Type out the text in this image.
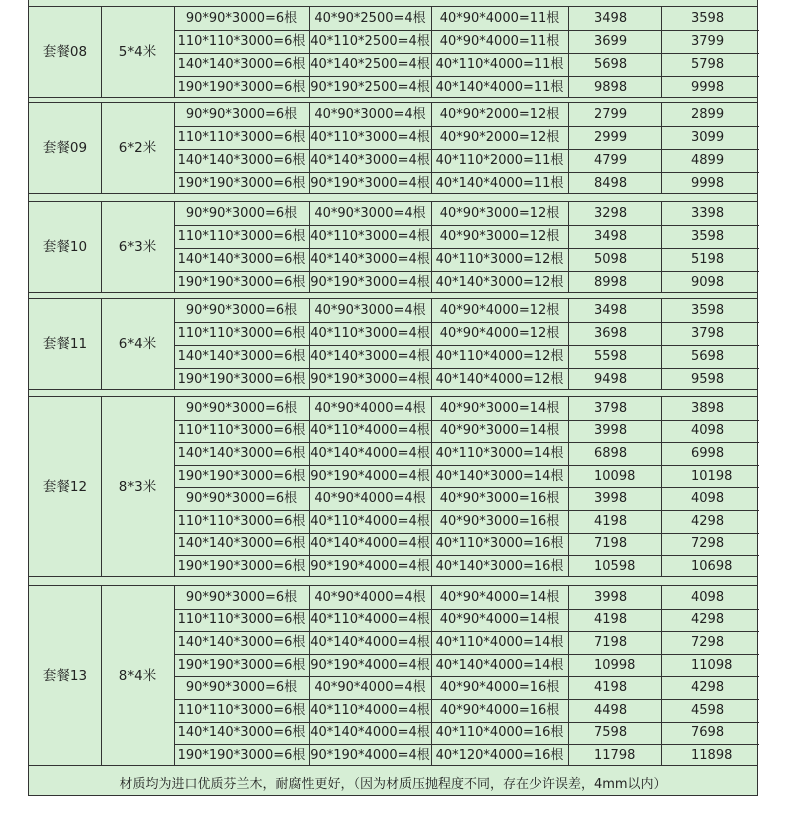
套餐08	5*4米
90*90*3000=6根	40*90*2500=4根	40*90*4000=11根	3498	3598
110*110*3000=6根 40*110*2500=4根 40*90*4000=11根	3699	3799
140*140*3000=6根 40*140*2500=4根 40*110*4000=11根	5698	5798
190*190*3000=6根 90*190*2500=4根 40*140*4000=11根	9898	9998
套餐09	6*2米
90*90*3000=6根	40*90*3000=4根	40*90*2000=12根	2799	2899
110*110*3000=6根 40*110*3000=4根 40*90*2000=12根	2999	3099
140*140*3000=6根 40*140*3000=4根 40*110*2000=11根	4799	4899
190*190*3000=6根 90*190*3000=4根 40*140*4000=11根	8498	9998
套餐10	6*3米
90*90*3000=6根	40*90*3000=4根	40*90*3000=12根	3298	3398
110*110*3000=6根 40*110*3000=4根 40*90*3000=12根	3498	3598
140*140*3000=6根 40*140*3000=4根 40*110*3000=12根	5098	5198
190*190*3000=6根 90*190*3000=4根 40*140*3000=12根	8998	9098
套餐11	6*4米
90*90*3000=6根	40*90*3000=4根	40*90*4000=12根	3498	3598
110*110*3000=6根 40*110*3000=4根 40*90*4000=12根	3698	3798
140*140*3000=6根 40*140*3000=4根 40*110*4000=12根	5598	5698
190*190*3000=6根 90*190*3000=4根 40*140*4000=12根	9498	9598
套餐12	8*3米
90*90*3000=6根	40*90*4000=4根	40*90*3000=14根	3798	3898
110*110*3000=6根 40*110*4000=4根 40*90*3000=14根	3998	4098
140*140*3000=6根 40*140*4000=4根 40*110*3000=14根	6898	6998
190*190*3000=6根 90*190*4000=4根 40*140*3000=14根	10098	10198
90*90*3000=6根	40*90*4000=4根	40*90*3000=16根	3998	4098
110*110*3000=6根 40*110*4000=4根 40*90*3000=16根	4198	4298
140*140*3000=6根 40*140*4000=4根 40*110*3000=16根	7198	7298
190*190*3000=6根 90*190*4000=4根 40*140*3000=16根	10598	10698
套餐13	8*4米
90*90*3000=6根	40*90*4000=4根	40*90*4000=14根	3998	4098
110*110*3000=6根 40*110*4000=4根 40*90*4000=14根	4198	4298
140*140*3000=6根 40*140*4000=4根 40*110*4000=14根	7198	7298
190*190*3000=6根 90*190*4000=4根 40*140*4000=14根	10998	11098
90*90*3000=6根	40*90*4000=4根	40*90*4000=16根	4198	4298
110*110*3000=6根 40*110*4000=4根 40*90*4000=16根	4498	4598
140*140*3000=6根 40*140*4000=4根 40*110*4000=16根	7598	7698
190*190*3000=6根 90*190*4000=4根 40*120*4000=16根	11798	11898
材质均为进口优质芬兰木，耐腐性更好，（因为材质压抛程度不同，存在少许误差，4mm以内）
